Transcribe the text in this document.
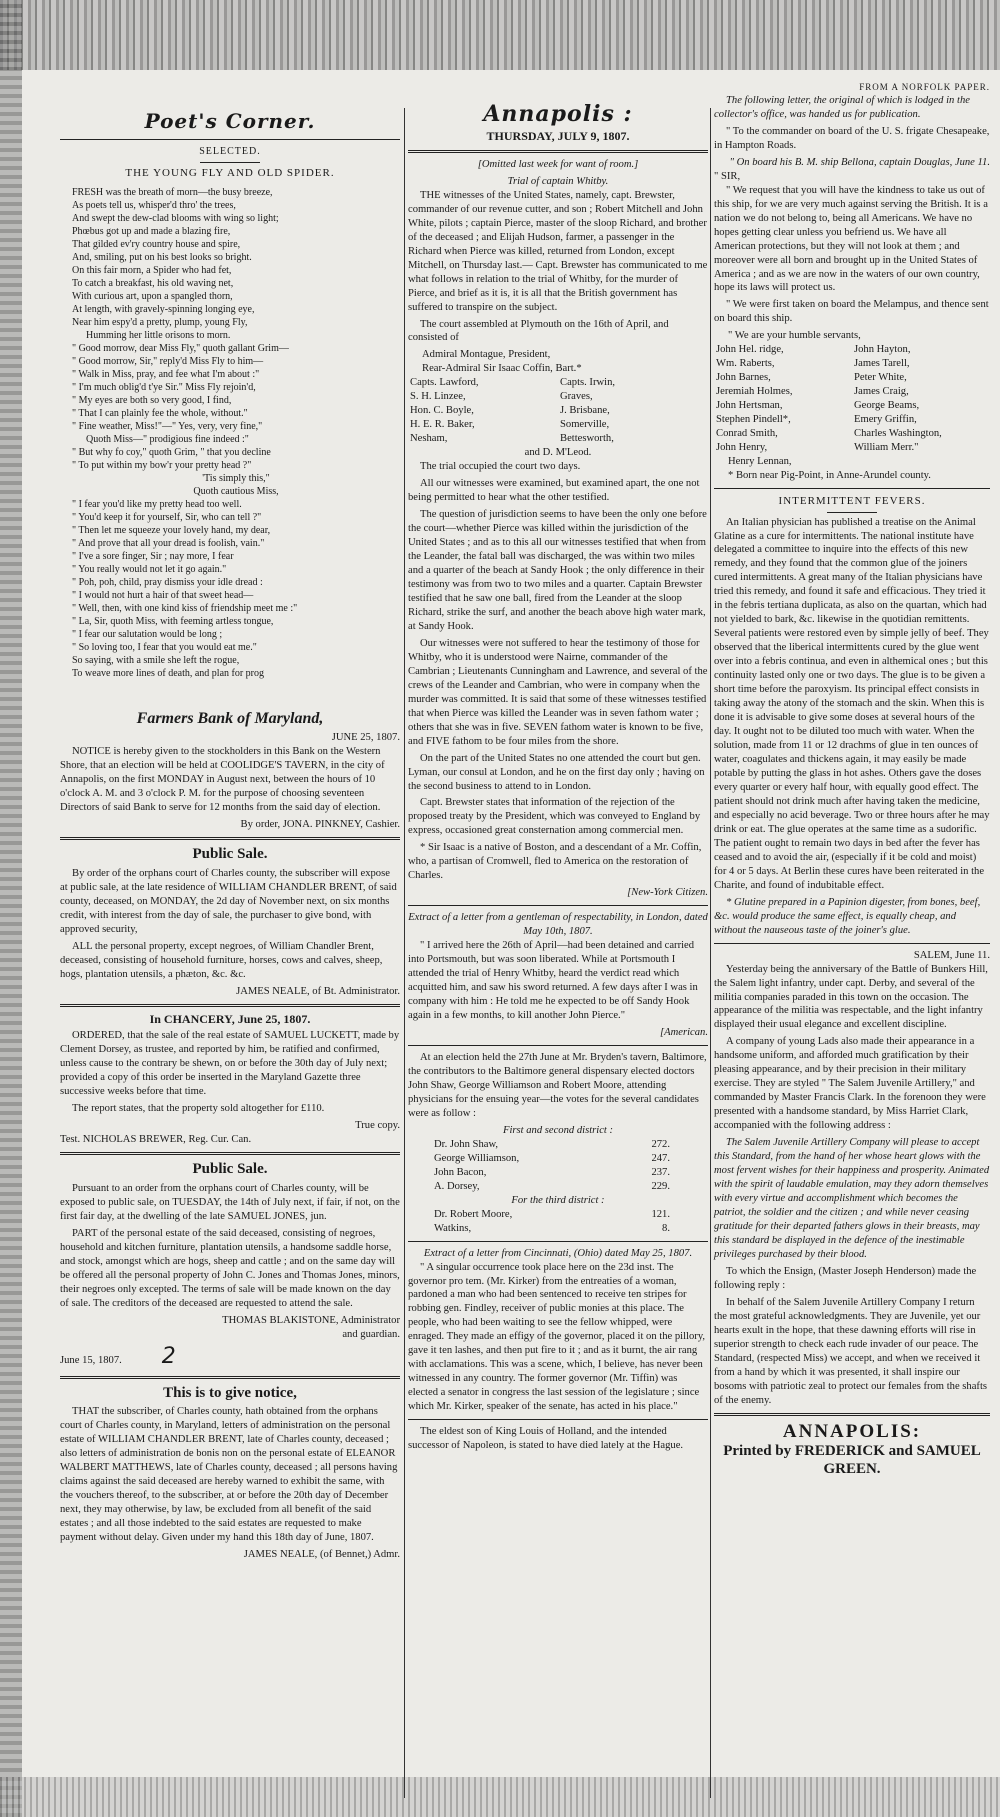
Poet's Corner.
SELECTED.
THE YOUNG FLY AND OLD SPIDER.

FRESH was the breath of morn—the busy breeze,

As poets tell us, whisper'd thro' the trees,

And swept the dew-clad blooms with wing so light;

Phœbus got up and made a blazing fire,

That gilded ev'ry country house and spire,

And, smiling, put on his best looks so bright.

On this fair morn, a Spider who had fet,

To catch a breakfast, his old waving net,

With curious art, upon a spangled thorn,

At length, with gravely-spinning longing eye,

Near him espy'd a pretty, plump, young Fly,

Humming her little orisons to morn.

" Good morrow, dear Miss Fly," quoth gallant Grim—

" Good morrow, Sir," reply'd Miss Fly to him—

" Walk in Miss, pray, and fee what I'm about :"

" I'm much oblig'd t'ye Sir." Miss Fly rejoin'd,

" My eyes are both so very good, I find,

" That I can plainly fee the whole, without."

" Fine weather, Miss!"—" Yes, very, very fine,"

Quoth Miss—" prodigious fine indeed :"

" But why fo coy," quoth Grim, " that you decline

" To put within my bow'r your pretty head ?"

'Tis simply this,"

Quoth cautious Miss,

" I fear you'd like my pretty head too well.

" You'd keep it for yourself, Sir, who can tell ?"

" Then let me squeeze your lovely hand, my dear,

" And prove that all your dread is foolish, vain."

" I've a sore finger, Sir ; nay more, I fear

" You really would not let it go again."

" Poh, poh, child, pray dismiss your idle dread :

" I would not hurt a hair of that sweet head—

" Well, then, with one kind kiss of friendship meet me :"

" La, Sir, quoth Miss, with feeming artless tongue,

" I fear our salutation would be long ;

" So loving too, I fear that you would eat me."

So saying, with a smile she left the rogue,

To weave more lines of death, and plan for prog

Farmers Bank of Maryland,
JUNE 25, 1807.

NOTICE is hereby given to the stockholders in this Bank on the Western Shore, that an election will be held at COOLIDGE'S TAVERN, in the city of Annapolis, on the first MONDAY in August next, between the hours of 10 o'clock A. M. and 3 o'clock P. M. for the purpose of choosing seventeen Directors of said Bank to serve for 12 months from the said day of election.

By order, JONA. PINKNEY, Cashier.
Public Sale.

By order of the orphans court of Charles county, the subscriber will expose at public sale, at the late residence of WILLIAM CHANDLER BRENT, of said county, deceased, on MONDAY, the 2d day of November next, on six months credit, with interest from the day of sale, the purchaser to give bond, with approved security,

ALL the personal property, except negroes, of William Chandler Brent, deceased, consisting of household furniture, horses, cows and calves, sheep, hogs, plantation utensils, a phæton, &c. &c.

JAMES NEALE, of Bt. Administrator.
In CHANCERY, June 25, 1807.

ORDERED, that the sale of the real estate of SAMUEL LUCKETT, made by Clement Dorsey, as trustee, and reported by him, be ratified and confirmed, unless cause to the contrary be shewn, on or before the 30th day of July next; provided a copy of this order be inserted in the Maryland Gazette three successive weeks before that time.

The report states, that the property sold altogether for £110.

True copy.
Test. NICHOLAS BREWER, Reg. Cur. Can.
Public Sale.

Pursuant to an order from the orphans court of Charles county, will be exposed to public sale, on TUESDAY, the 14th of July next, if fair, if not, on the first fair day, at the dwelling of the late SAMUEL JONES, jun.

PART of the personal estate of the said deceased, consisting of negroes, household and kitchen furniture, plantation utensils, a handsome saddle horse, and stock, amongst which are hogs, sheep and cattle ; and on the same day will be offered all the personal property of John C. Jones and Thomas Jones, minors, their negroes only excepted. The terms of sale will be made known on the day of sale. The creditors of the deceased are requested to attend the sale.

THOMAS BLAKISTONE, Administrator
and guardian.
June 15, 1807. 2
This is to give notice,

THAT the subscriber, of Charles county, hath obtained from the orphans court of Charles county, in Maryland, letters of administration on the personal estate of WILLIAM CHANDLER BRENT, late of Charles county, deceased ; also letters of administration de bonis non on the personal estate of ELEANOR WALBERT MATTHEWS, late of Charles county, deceased ; all persons having claims against the said deceased are hereby warned to exhibit the same, with the vouchers thereof, to the subscriber, at or before the 20th day of December next, they may otherwise, by law, be excluded from all benefit of the said estates ; and all those indebted to the said estates are requested to make payment without delay. Given under my hand this 18th day of June, 1807.

JAMES NEALE, (of Bennet,) Admr.
Annapolis :
THURSDAY, JULY 9, 1807.
[Omitted last week for want of room.]
Trial of captain Whitby.

THE witnesses of the United States, namely, capt. Brewster, commander of our revenue cutter, and son ; Robert Mitchell and John White, pilots ; captain Pierce, master of the sloop Richard, and brother of the deceased ; and Elijah Hudson, farmer, a passenger in the Richard when Pierce was killed, returned from London, except Mitchell, on Thursday last.— Capt. Brewster has communicated to me what follows in relation to the trial of Whitby, for the murder of Pierce, and brief as it is, it is all that the British government has suffered to transpire on the subject.

The court assembled at Plymouth on the 16th of April, and consisted of

Admiral Montague, President,
Rear-Admiral Sir Isaac Coffin, Bart.*
Capts. Lawford,	Capts. Irwin,
S. H. Linzee,	Graves,
Hon. C. Boyle,	J. Brisbane,
H. E. R. Baker,	Somerville,
Nesham,	Bettesworth,
and D. M'Leod.

The trial occupied the court two days.

All our witnesses were examined, but examined apart, the one not being permitted to hear what the other testified.

The question of jurisdiction seems to have been the only one before the court—whether Pierce was killed within the jurisdiction of the United States ; and as to this all our witnesses testified that when from the Leander, the fatal ball was discharged, the was within two miles and a quarter of the beach at Sandy Hook ; the only difference in their testimony was from two to two miles and a quarter. Captain Brewster testified that he saw one ball, fired from the Leander at the sloop Richard, strike the surf, and another the beach above high water mark, at Sandy Hook.

Our witnesses were not suffered to hear the testimony of those for Whitby, who it is understood were Nairne, commander of the Cambrian ; Lieutenants Cunningham and Lawrence, and several of the crews of the Leander and Cambrian, who were in company when the murder was committed. It is said that some of these witnesses testified that when Pierce was killed the Leander was in seven fathom water ; others that she was in five. SEVEN fathom water is known to be five, and FIVE fathom to be four miles from the shore.

On the part of the United States no one attended the court but gen. Lyman, our consul at London, and he on the first day only ; having on the second business to attend to in London.

Capt. Brewster states that information of the rejection of the proposed treaty by the President, which was conveyed to England by express, occasioned great consternation among commercial men.

* Sir Isaac is a native of Boston, and a descendant of a Mr. Coffin, who, a partisan of Cromwell, fled to America on the restoration of Charles.

[New-York Citizen.
Extract of a letter from a gentleman of respectability, in London, dated May 10th, 1807.

" I arrived here the 26th of April—had been detained and carried into Portsmouth, but was soon liberated. While at Portsmouth I attended the trial of Henry Whitby, heard the verdict read which acquitted him, and saw his sword returned. A few days after I was in company with him : He told me he expected to be off Sandy Hook again in a few months, to kill another John Pierce."

[American.

At an election held the 27th June at Mr. Bryden's tavern, Baltimore, the contributors to the Baltimore general dispensary elected doctors John Shaw, George Williamson and Robert Moore, attending physicians for the ensuing year—the votes for the several candidates were as follow :

First and second district :
Dr. John Shaw,	272.
George Williamson,	247.
John Bacon,	237.
A. Dorsey,	229.
For the third district :
Dr. Robert Moore,	121.
Watkins,	8.
Extract of a letter from Cincinnati, (Ohio) dated May 25, 1807.

" A singular occurrence took place here on the 23d inst. The governor pro tem. (Mr. Kirker) from the entreaties of a woman, pardoned a man who had been sentenced to receive ten stripes for robbing gen. Findley, receiver of public monies at this place. The people, who had been waiting to see the fellow whipped, were enraged. They made an effigy of the governor, placed it on the pillory, gave it ten lashes, and then put fire to it ; and as it burnt, the air rang with acclamations. This was a scene, which, I believe, has never been witnessed in any country. The former governor (Mr. Tiffin) was elected a senator in congress the last session of the legislature ; since which Mr. Kirker, speaker of the senate, has acted in his place."

The eldest son of King Louis of Holland, and the intended successor of Napoleon, is stated to have died lately at the Hague.

FROM A NORFOLK PAPER.

The following letter, the original of which is lodged in the collector's office, was handed us for publication.

" To the commander on board of the U. S. frigate Chesapeake, in Hampton Roads.

" On board his B. M. ship Bellona, captain Douglas, June 11.
" SIR,

" We request that you will have the kindness to take us out of this ship, for we are very much against serving the British. It is a nation we do not belong to, being all Americans. We have no hopes getting clear unless you befriend us. We have all American protections, but they will not look at them ; and moreover were all born and brought up in the United States of America ; and as we are now in the waters of our own country, hope its laws will protect us.

" We were first taken on board the Melampus, and thence sent on board this ship.

" We are your humble servants,
John Hel. ridge,	John Hayton,
Wm. Raberts,	James Tarell,
John Barnes,	Peter White,
Jeremiah Holmes,	James Craig,
John Hertsman,	George Beams,
Stephen Pindell*,	Emery Griffin,
Conrad Smith,	Charles Washington,
John Henry,	William Merr."
Henry Lennan,
* Born near Pig-Point, in Anne-Arundel county.
INTERMITTENT FEVERS.

An Italian physician has published a treatise on the Animal Glatine as a cure for intermittents. The national institute have delegated a committee to inquire into the effects of this new remedy, and they found that the common glue of the joiners cured intermittents. A great many of the Italian physicians have tried this remedy, and found it safe and efficacious. They tried it in the febris tertiana duplicata, as also on the quartan, which had not yielded to bark, &c. likewise in the quotidian remittents. Several patients were restored even by simple jelly of beef. They observed that the liberical intermittents cured by the glue went over into a febris continua, and even in althemical ones ; but this continuity lasted only one or two days. The glue is to be given a short time before the paroxyism. Its principal effect consists in taking away the atony of the stomach and the skin. When this is done it is advisable to give some doses at several hours of the day. It ought not to be diluted too much with water. When the solution, made from 11 or 12 drachms of glue in ten ounces of water, coagulates and thickens again, it may easily be made potable by putting the glass in hot ashes. Others gave the doses every quarter or every half hour, with equally good effect. The patient should not drink much after having taken the medicine, and especially no acid beverage. Two or three hours after he may drink or eat. The glue operates at the same time as a sudorific. The patient ought to remain two days in bed after the fever has ceased and to avoid the air, (especially if it be cold and moist) for 4 or 5 days. At Berlin these cures have been reiterated in the Charite, and found of indubitable effect.

* Glutine prepared in a Papinion digester, from bones, beef, &c. would produce the same effect, is equally cheap, and without the nauseous taste of the joiner's glue.

SALEM, June 11.

Yesterday being the anniversary of the Battle of Bunkers Hill, the Salem light infantry, under capt. Derby, and several of the militia companies paraded in this town on the occasion. The appearance of the militia was respectable, and the light infantry displayed their usual elegance and excellent discipline.

A company of young Lads also made their appearance in a handsome uniform, and afforded much gratification by their pleasing appearance, and by their precision in their military exercise. They are styled " The Salem Juvenile Artillery," and commanded by Master Francis Clark. In the forenoon they were presented with a handsome standard, by Miss Harriet Clark, accompanied with the following address :

The Salem Juvenile Artillery Company will please to accept this Standard, from the hand of her whose heart glows with the most fervent wishes for their happiness and prosperity. Animated with the spirit of laudable emulation, may they adorn themselves with every virtue and accomplishment which becomes the patriot, the soldier and the citizen ; and while never ceasing gratitude for their departed fathers glows in their breasts, may this standard be displayed in the defence of the inestimable privileges purchased by their blood.

To which the Ensign, (Master Joseph Henderson) made the following reply :

In behalf of the Salem Juvenile Artillery Company I return the most grateful acknowledgments. They are Juvenile, yet our hearts exult in the hope, that these dawning efforts will rise in superior strength to check each rude invader of our peace. The Standard, (respected Miss) we accept, and when we received it from a hand by which it was presented, it shall inspire our bosoms with patriotic zeal to protect our females from the shafts of the enemy.

ANNAPOLIS:
Printed by FREDERICK and SAMUEL GREEN.
